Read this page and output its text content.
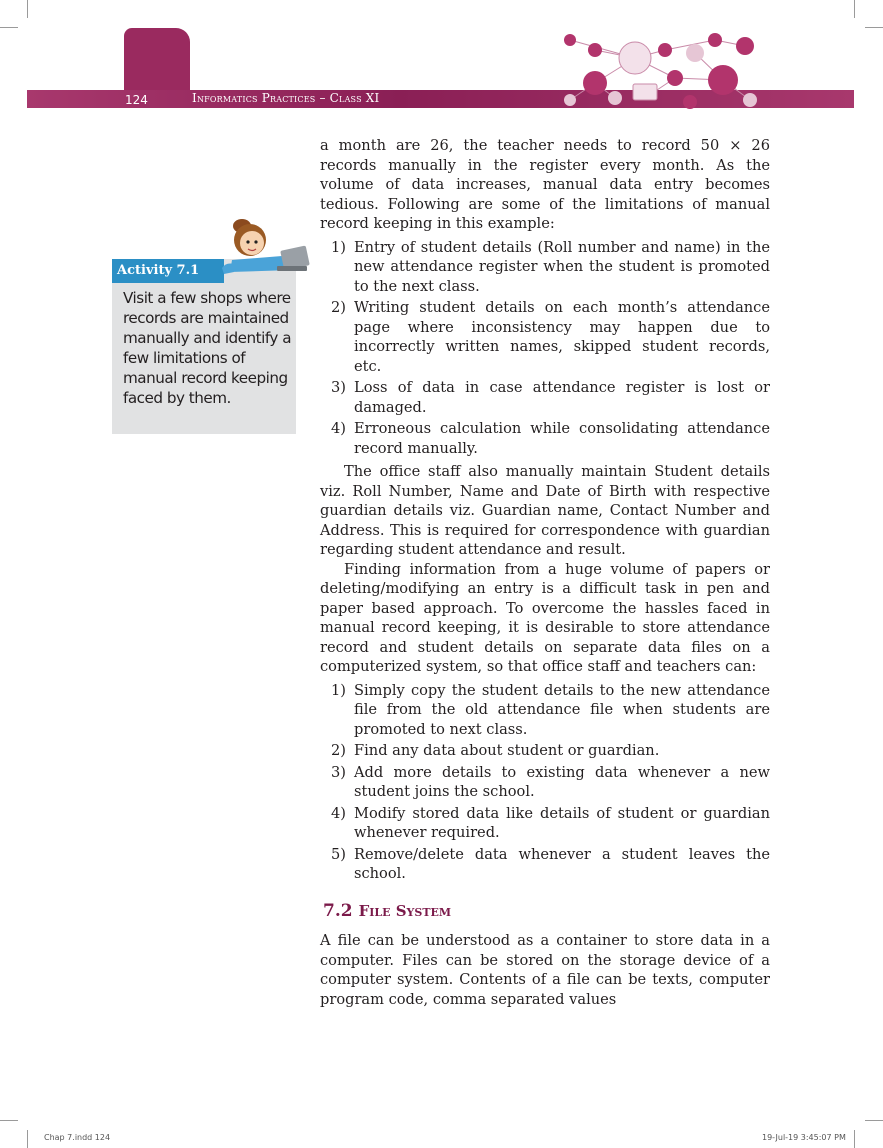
124	Informatics Practices – Class XI
Activity 7.1
Visit a few shops where records are maintained manually and identify a few limitations of manual record keeping faced by them.

a month are 26, the teacher needs to record 50 × 26 records manually in the register every month. As the volume of data increases, manual data entry becomes tedious. Following are some of the limitations of manual record keeping in this example:

1) Entry of student details (Roll number and name) in the new attendance register when the student is promoted to the next class.
2) Writing student details on each month’s attendance page where inconsistency may happen due to incorrectly written names, skipped student records, etc.
3) Loss of data in case attendance register is lost or damaged.
4) Erroneous calculation while consolidating attendance record manually.

The office staff also manually maintain Student details viz. Roll Number, Name and Date of Birth with respective guardian details viz. Guardian name, Contact Number and Address. This is required for correspondence with guardian regarding student attendance and result.

Finding information from a huge volume of papers or deleting/modifying an entry is a difficult task in pen and paper based approach. To overcome the hassles faced in manual record keeping, it is desirable to store attendance record and student details on separate data files on a computerized system, so that office staff and teachers can:

1) Simply copy the student details to the new attendance file from the old attendance file when students are promoted to next class.
2) Find any data about student or guardian.
3) Add more details to existing data whenever a new student joins the school.
4) Modify stored data like details of student or guardian whenever required.
5) Remove/delete data whenever a student leaves the school.
7.2 File System

A file can be understood as a container to store data in a computer. Files can be stored on the storage device of a computer system. Contents of a file can be texts, computer program code, comma separated values

Chap 7.indd 124	19-Jul-19 3:45:07 PM
